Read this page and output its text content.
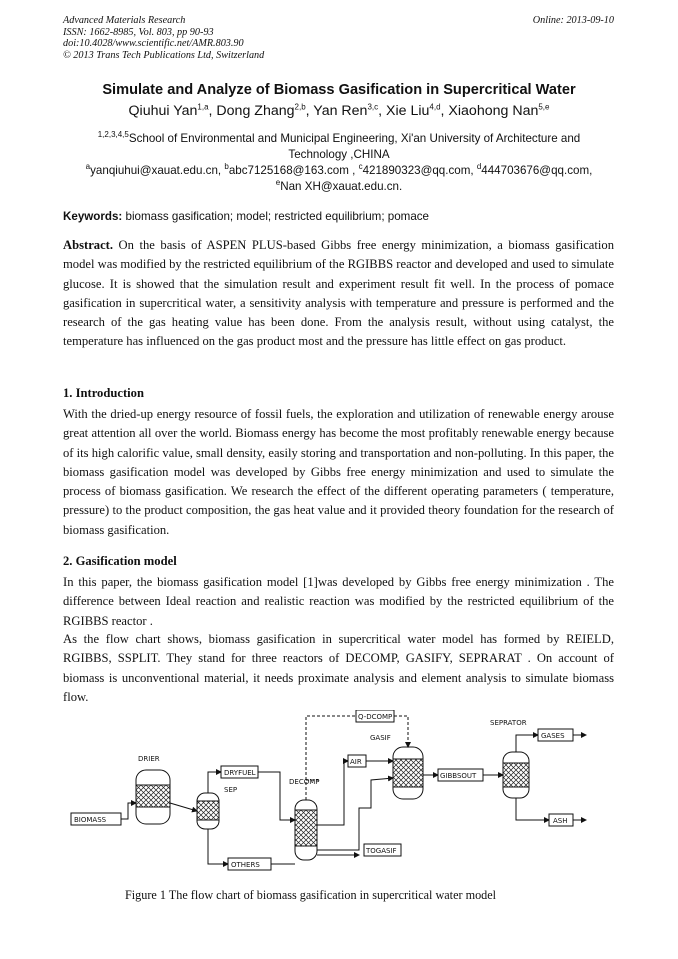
Advanced Materials Research
ISSN: 1662-8985, Vol. 803, pp 90-93
doi:10.4028/www.scientific.net/AMR.803.90
© 2013 Trans Tech Publications Ltd, Switzerland
Online: 2013-09-10
Simulate and Analyze of Biomass Gasification in Supercritical Water
Qiuhui Yan$^{1,a}$, Dong Zhang$^{2,b}$, Yan Ren$^{3,c}$, Xie Liu$^{4,d}$, Xiaohong Nan$^{5,e}$
$^{1,2,3,4,5}$School of Environmental and Municipal Engineering, Xi'an University of Architecture and Technology ,CHINA
$^a$yanqiuhui@xauat.edu.cn, $^b$abc7125168@163.com , $^c$421890323@qq.com, $^d$444703676@qq.com,
$^e$Nan XH@xauat.edu.cn.
Keywords: biomass gasification; model; restricted equilibrium; pomace
Abstract. On the basis of ASPEN PLUS-based Gibbs free energy minimization, a biomass gasification model was modified by the restricted equilibrium of the RGIBBS reactor and developed and used to simulate glucose. It is showed that the simulation result and experiment result fit well. In the process of pomace gasification in supercritical water, a sensitivity analysis with temperature and pressure is performed and the research of the gas heating value has been done. From the analysis result, without using catalyst, the temperature has influenced on the gas product most and the pressure has little effect on gas product.
1. Introduction
With the dried-up energy resource of fossil fuels, the exploration and utilization of renewable energy arouse great attention all over the world. Biomass energy has become the most profitably renewable energy because of its high calorific value, small density, easily storing and transportation and non-polluting. In this paper, the biomass gasification model was developed by Gibbs free energy minimization and used to simulate the process of biomass gasification. We research the effect of the different operating parameters ( temperature, pressure) to the product composition, the gas heat value and it provided theory foundation for the research of biomass gasification.
2. Gasification model
In this paper, the biomass gasification model [1]was developed by Gibbs free energy minimization . The difference between Ideal reaction and realistic reaction was modified by the restricted equilibrium of the RGIBBS reactor .
As the flow chart shows, biomass gasification in supercritical water model has formed by REIELD, RGIBBS, SSPLIT. They stand for three reactors of DECOMP, GASIFY, SEPRARAT . On account of biomass is unconventional material, it needs proximate analysis and element analysis to simulate biomass flow.
DRIER
BIOMASS
DRYFUEL
SEP
OTHERS
DECOMP
Q-DCOMP
GASIF
AIR
TOGASIF
GIBBSOUT
SEPRATOR
GASES
ASH
Figure 1 The flow chart of biomass gasification in supercritical water model
